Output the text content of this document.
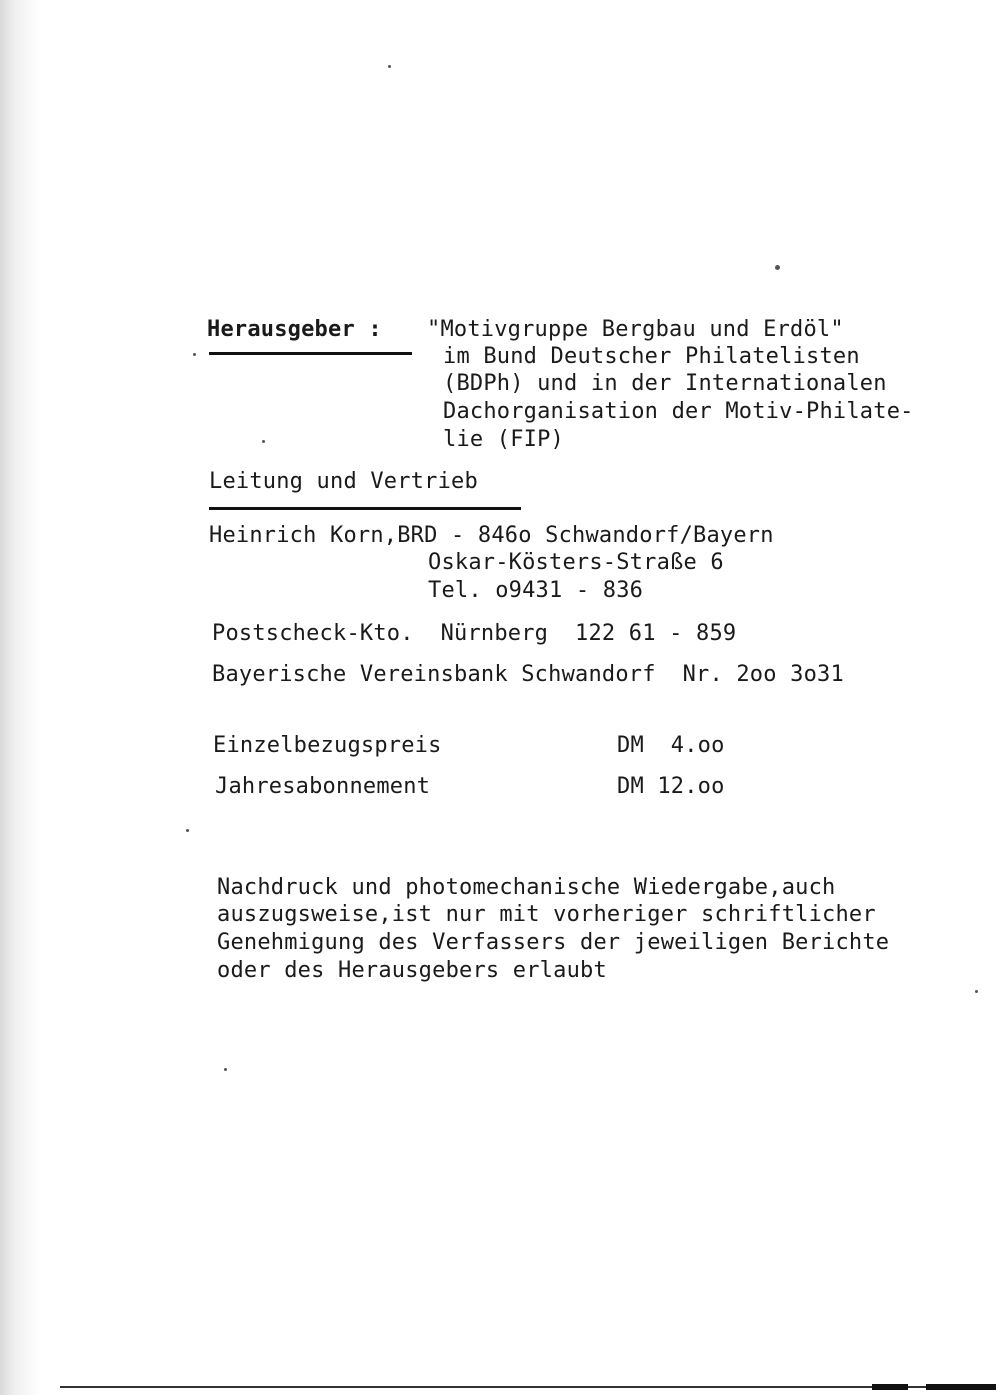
Herausgeber : "Motivgruppe Bergbau und Erdöl"
im Bund Deutscher Philatelisten
(BDPh) und in der Internationalen
Dachorganisation der Motiv-Philate-
lie (FIP)
Leitung und Vertrieb
Heinrich Korn,BRD - 846o Schwandorf/Bayern
Oskar-Kösters-Straße 6
Tel. o9431 - 836
Postscheck-Kto.  Nürnberg  122 61 - 859
Bayerische Vereinsbank Schwandorf  Nr. 2oo 3o31
Einzelbezugspreis	DM  4.oo
Jahresabonnement	DM 12.oo
Nachdruck und photomechanische Wiedergabe,auch
auszugsweise,ist nur mit vorheriger schriftlicher
Genehmigung des Verfassers der jeweiligen Berichte
oder des Herausgebers erlaubt
